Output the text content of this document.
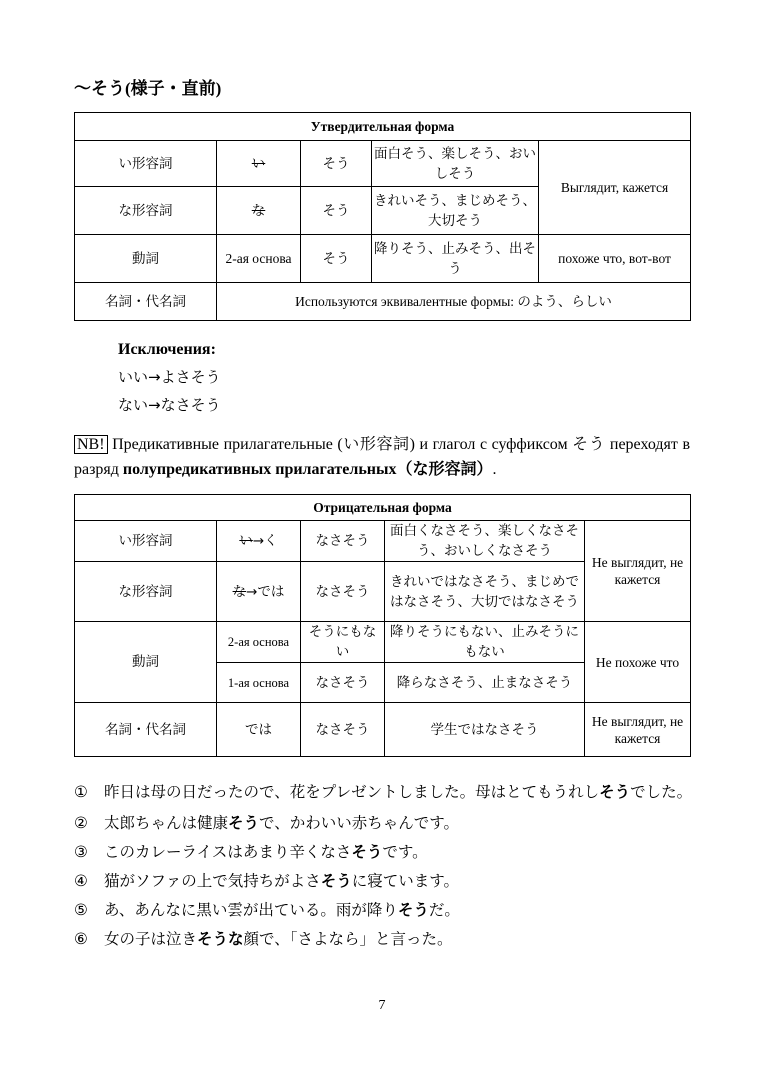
〜そう(様子・直前)
Утвердительная форма				
い形容詞	い	そう	面白そう、楽しそう、おいしそう	Выглядит, кажется
な形容詞	な	そう	きれいそう、まじめそう、大切そう	
動詞	2-ая основа	そう	降りそう、止みそう、出そう	похоже что, вот-вот
名詞・代名詞	Используются эквивалентные формы: のよう、らしい			
Исключения:
いい→よさそう
ない→なさそう
NB! Предикативные прилагательные (い形容詞) и глагол с суффиксом そう переходят в разряд полупредикативных прилагательных（な形容詞）.
Отрицательная форма				
い形容詞	い→く	なさそう	面白くなさそう、楽しくなさそう、おいしくなさそう	Не выглядит, не кажется
な形容詞	な→では	なさそう	きれいではなさそう、まじめではなさそう、大切ではなさそう	
動詞	2-ая основа	そうにもない	降りそうにもない、止みそうにもない	Не похоже что
	1-ая основа	なさそう	降らなさそう、止まなさそう	
名詞・代名詞	では	なさそう	学生ではなさそう	Не выглядит, не кажется
①	昨日は母の日だったので、花をプレゼントしました。母はとてもうれしそうでした。
②	太郎ちゃんは健康そうで、かわいい赤ちゃんです。
③	このカレーライスはあまり辛くなさそうです。
④	猫がソファの上で気持ちがよさそうに寝ています。
⑤	あ、あんなに黒い雲が出ている。雨が降りそうだ。
⑥	女の子は泣きそうな顔で、「さよなら」と言った。
7
